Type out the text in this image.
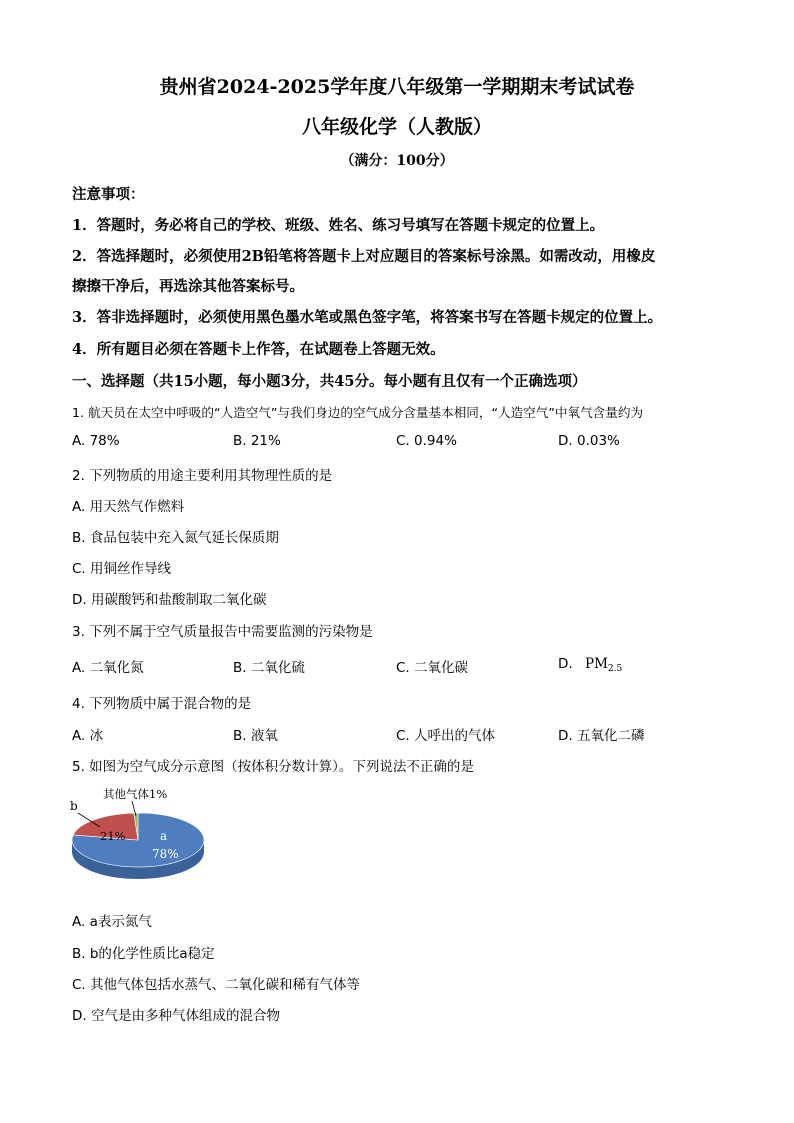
贵州省2024-2025学年度八年级第一学期期末考试试卷
八年级化学（人教版）
（满分：100分）
注意事项：
1．答题时，务必将自己的学校、班级、姓名、练习号填写在答题卡规定的位置上。
2．答选择题时，必须使用2B铅笔将答题卡上对应题目的答案标号涂黑。如需改动，用橡皮
擦擦干净后，再选涂其他答案标号。
3．答非选择题时，必须使用黑色墨水笔或黑色签字笔，将答案书写在答题卡规定的位置上。
4．所有题目必须在答题卡上作答，在试题卷上答题无效。
一、选择题（共15小题，每小题3分，共45分。每小题有且仅有一个正确选项）
1. 航天员在太空中呼吸的“人造空气”与我们身边的空气成分含量基本相同，“人造空气”中氧气含量约为
A. 78%	B. 21%	C. 0.94%	D. 0.03%
2. 下列物质的用途主要利用其物理性质的是
A. 用天然气作燃料
B. 食品包装中充入氮气延长保质期
C. 用铜丝作导线
D. 用碳酸钙和盐酸制取二氧化碳
3. 下列不属于空气质量报告中需要监测的污染物是
A. 二氧化氮	B. 二氧化硫	C. 二氧化碳	D. $PM_{2.5}$
4. 下列物质中属于混合物的是
A. 冰	B. 液氧	C. 人呼出的气体	D. 五氧化二磷
5. 如图为空气成分示意图（按体积分数计算）。下列说法不正确的是
a
78%
21%
b
其他气体1%
A. a表示氮气
B. b的化学性质比a稳定
C. 其他气体包括水蒸气、二氧化碳和稀有气体等
D. 空气是由多种气体组成的混合物
